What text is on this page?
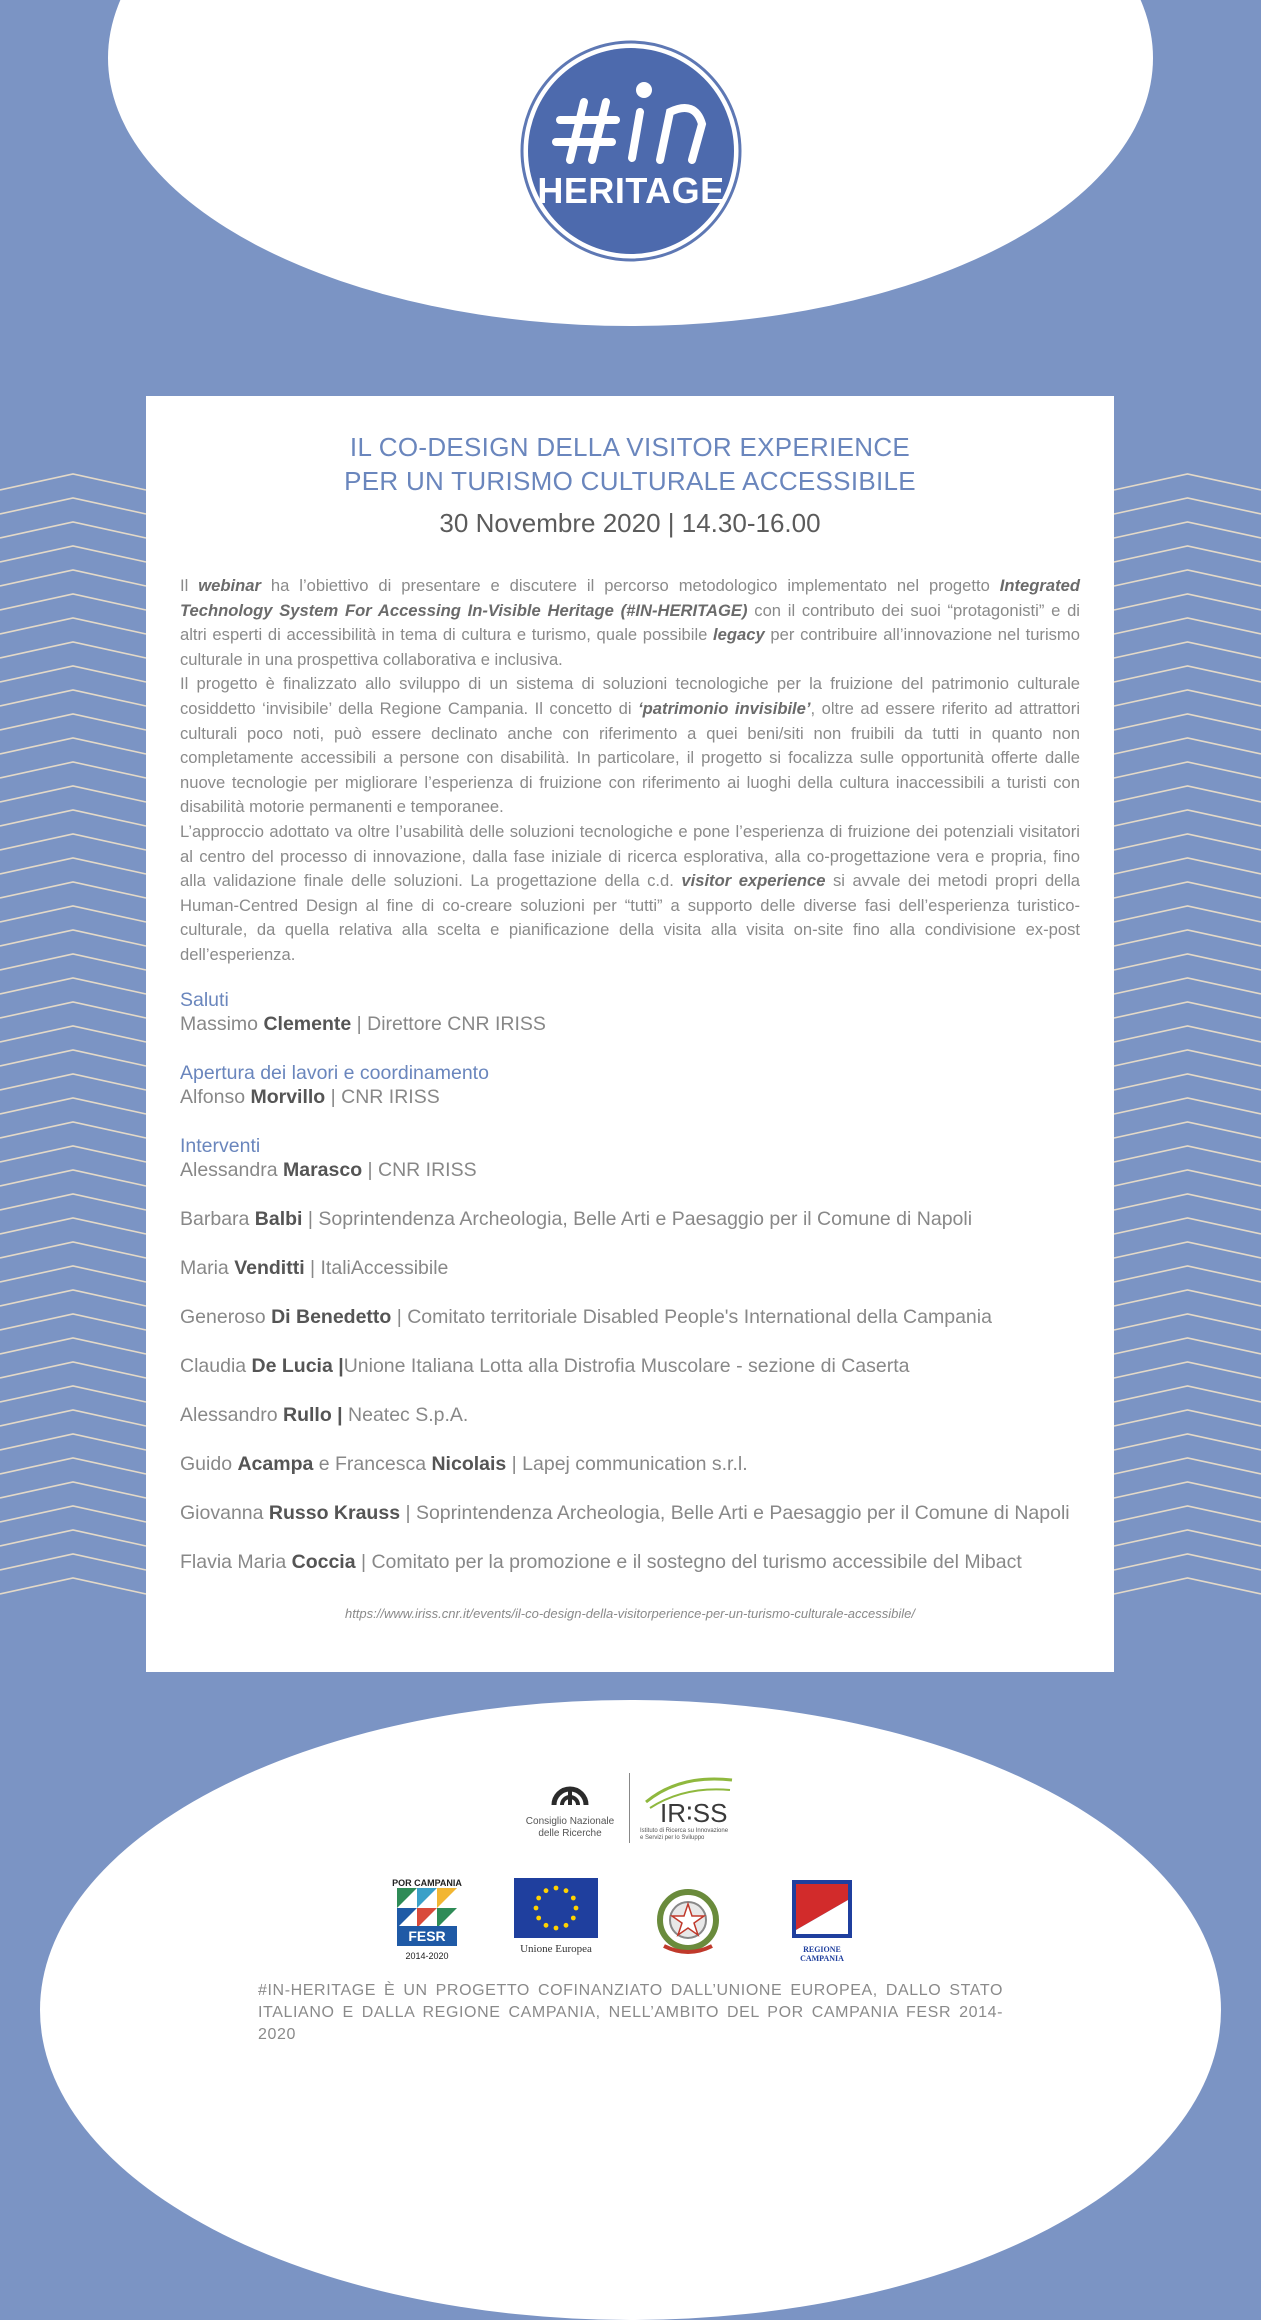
HERITAGE
IL CO-DESIGN DELLA VISITOR EXPERIENCE
PER UN TURISMO CULTURALE ACCESSIBILE
30 Novembre 2020 | 14.30-16.00

Il webinar ha l’obiettivo di presentare e discutere il percorso metodologico implementato nel progetto Integrated Technology System For Accessing In-Visible Heritage (#IN-HERITAGE) con il contributo dei suoi “protagonisti” e di altri esperti di accessibilità in tema di cultura e turismo, quale possibile legacy per contribuire all’innovazione nel turismo culturale in una prospettiva collaborativa e inclusiva.

Il progetto è finalizzato allo sviluppo di un sistema di soluzioni tecnologiche per la fruizione del patrimonio culturale cosiddetto ‘invisibile’ della Regione Campania. Il concetto di ‘patrimonio invisibile’, oltre ad essere riferito ad attrattori culturali poco noti, può essere declinato anche con riferimento a quei beni/siti non fruibili da tutti in quanto non completamente accessibili a persone con disabilità. In particolare, il progetto si focalizza sulle opportunità offerte dalle nuove tecnologie per migliorare l’esperienza di fruizione con riferimento ai luoghi della cultura inaccessibili a turisti con disabilità motorie permanenti e temporanee.

L’approccio adottato va oltre l’usabilità delle soluzioni tecnologiche e pone l’esperienza di fruizione dei potenziali visitatori al centro del processo di innovazione, dalla fase iniziale di ricerca esplorativa, alla co-progettazione vera e propria, fino alla validazione finale delle soluzioni. La progettazione della c.d. visitor experience si avvale dei metodi propri della Human-Centred Design al fine di co-creare soluzioni per “tutti” a supporto delle diverse fasi dell’esperienza turistico-culturale, da quella relativa alla scelta e pianificazione della visita alla visita on-site fino alla condivisione ex-post dell’esperienza.

Saluti
Massimo Clemente | Direttore CNR IRISS
Apertura dei lavori e coordinamento
Alfonso Morvillo | CNR IRISS
Interventi
Alessandra Marasco | CNR IRISS
Barbara Balbi | Soprintendenza Archeologia, Belle Arti e Paesaggio per il Comune di Napoli
Maria Venditti | ItaliAccessibile
Generoso Di Benedetto | Comitato territoriale Disabled People's International della Campania
Claudia De Lucia |Unione Italiana Lotta alla Distrofia Muscolare - sezione di Caserta
Alessandro Rullo | Neatec S.p.A.
Guido Acampa e Francesca Nicolais | Lapej communication s.r.l.
Giovanna Russo Krauss | Soprintendenza Archeologia, Belle Arti e Paesaggio per il Comune di Napoli
Flavia Maria Coccia | Comitato per la promozione e il sostegno del turismo accessibile del Mibact
https://www.iriss.cnr.it/events/il-co-design-della-visitorperience-per-un-turismo-culturale-accessibile/
Consiglio Nazionale
delle Ricerche
IR∶SS
Istituto di Ricerca su Innovazione
e Servizi per lo Sviluppo
POR CAMPANIA
FESR
2014-2020
Unione Europea	REGIONE CAMPANIA
#IN-HERITAGE È UN PROGETTO COFINANZIATO DALL’UNIONE EUROPEA, DALLO STATO
ITALIANO E DALLA REGIONE CAMPANIA, NELL’AMBITO DEL POR CAMPANIA FESR 2014-2020
